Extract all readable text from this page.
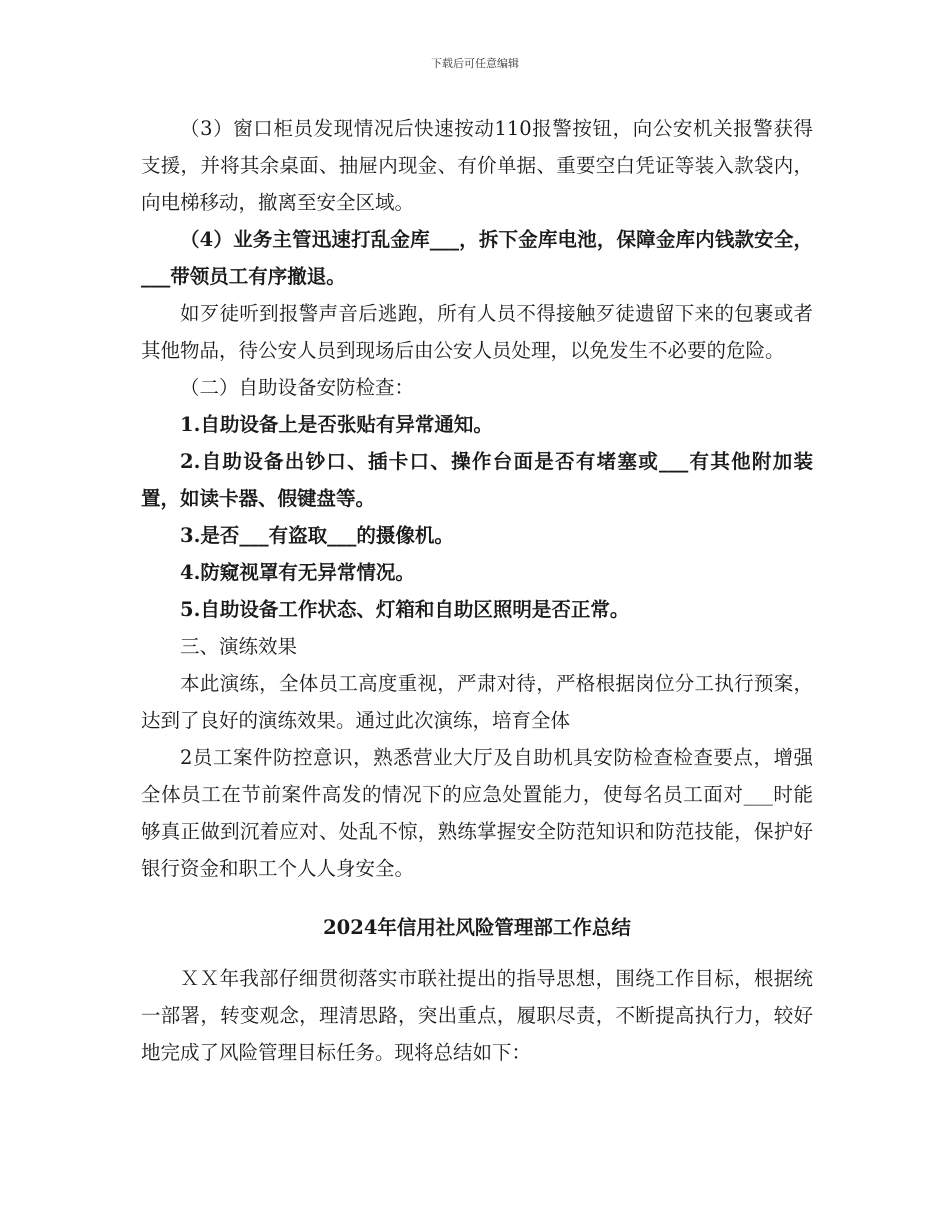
下载后可任意编辑

（3）窗口柜员发现情况后快速按动110报警按钮，向公安机关报警获得支援，并将其余桌面、抽屉内现金、有价单据、重要空白凭证等装入款袋内，向电梯移动，撤离至安全区域。

（4）业务主管迅速打乱金库___，拆下金库电池，保障金库内钱款安全，___带领员工有序撤退。

如歹徒听到报警声音后逃跑，所有人员不得接触歹徒遗留下来的包裹或者其他物品，待公安人员到现场后由公安人员处理，以免发生不必要的危险。

（二）自助设备安防检查：

1.自助设备上是否张贴有异常通知。

2.自助设备出钞口、插卡口、操作台面是否有堵塞或___有其他附加装置，如读卡器、假键盘等。

3.是否___有盗取___的摄像机。

4.防窥视罩有无异常情况。

5.自助设备工作状态、灯箱和自助区照明是否正常。

三、演练效果

本此演练，全体员工高度重视，严肃对待，严格根据岗位分工执行预案，达到了良好的演练效果。通过此次演练，培育全体

2员工案件防控意识，熟悉营业大厅及自助机具安防检查检查要点，增强全体员工在节前案件高发的情况下的应急处置能力，使每名员工面对___时能够真正做到沉着应对、处乱不惊，熟练掌握安全防范知识和防范技能，保护好银行资金和职工个人人身安全。

2024年信用社风险管理部工作总结

ＸＸ年我部仔细贯彻落实市联社提出的指导思想，围绕工作目标，根据统一部署，转变观念，理清思路，突出重点，履职尽责，不断提高执行力，较好地完成了风险管理目标任务。现将总结如下：
